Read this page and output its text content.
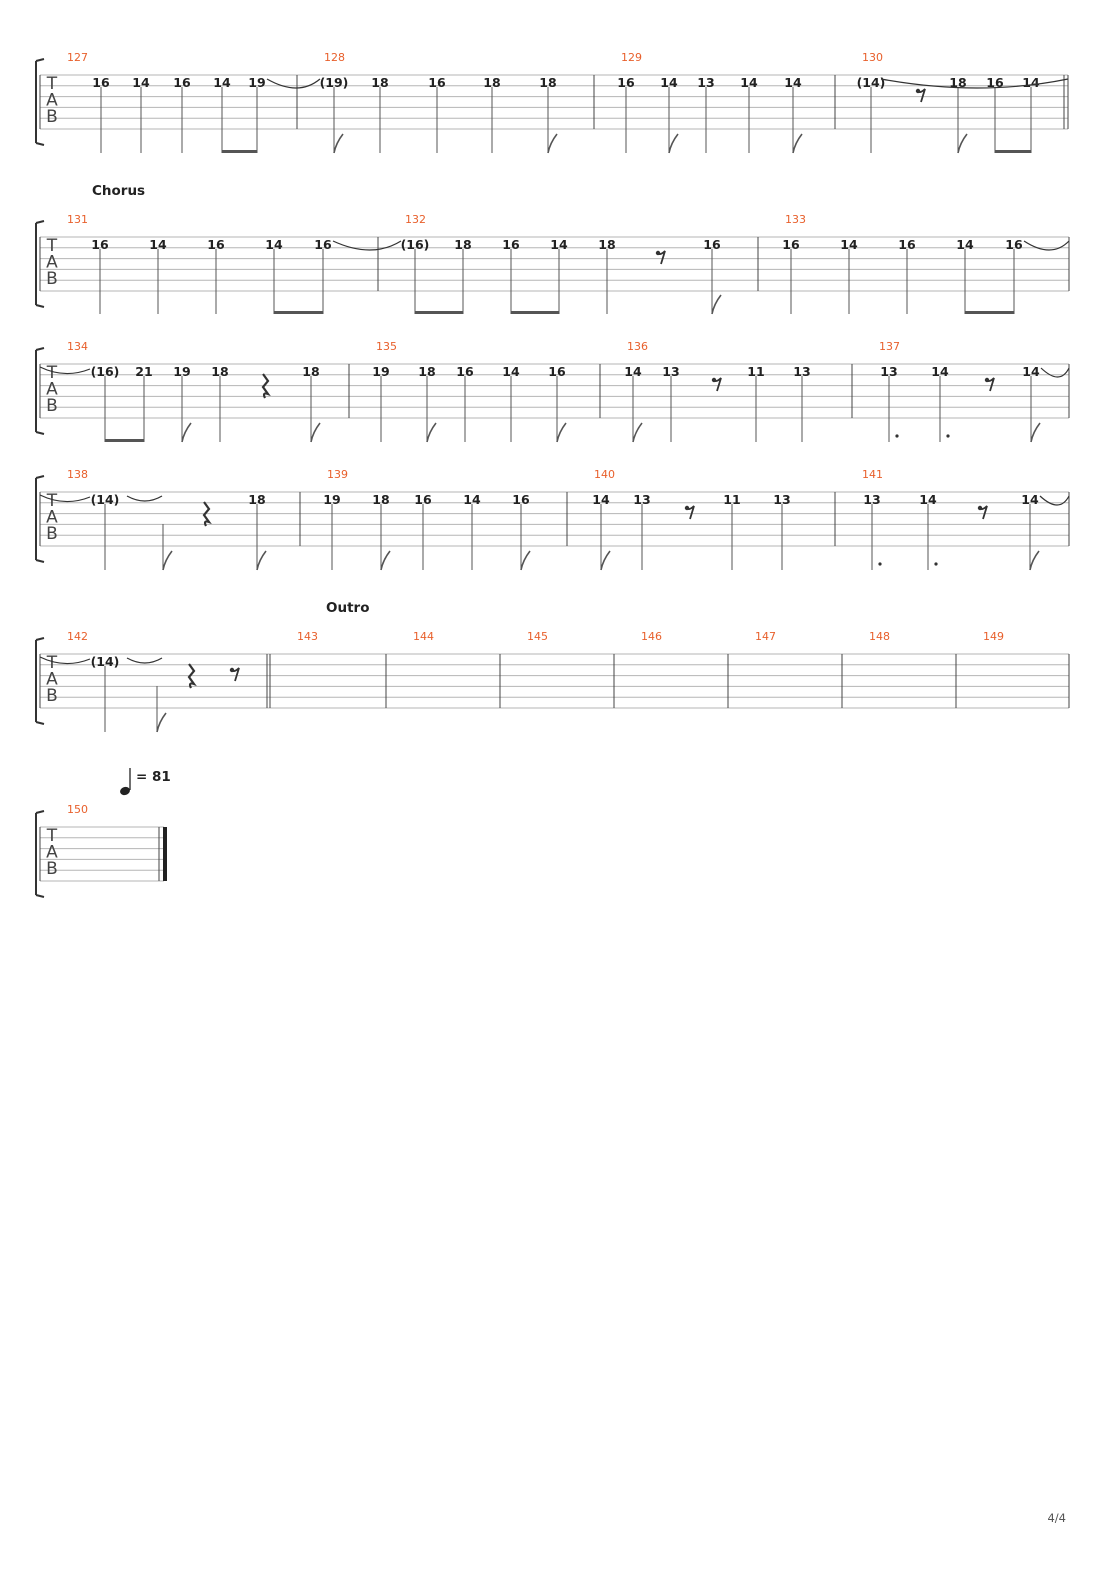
4/4
T
A
B
127
16 14 16 14 19
128
(19) 18	16	18	18
129
16 14 13 14 14
130
(14)	18 16 14
T
A
B
Chorus
131
16	14	16	14	16
132
(16) 18 16 14 18	16
133
16	14	16	14	16
T
A
B
134
(16) 21 19 18	18
135
19 18 16 14 16
136
14 13	11 13
137
13	14	14
T
A
B
138
(14)	18
139
19	18 16	14	16
140
14 13	11	13
141
13	14	14
T
A
B
Outro
142
(14)
143	144	145	146	147	148	149
T
A
B
150
= 81
